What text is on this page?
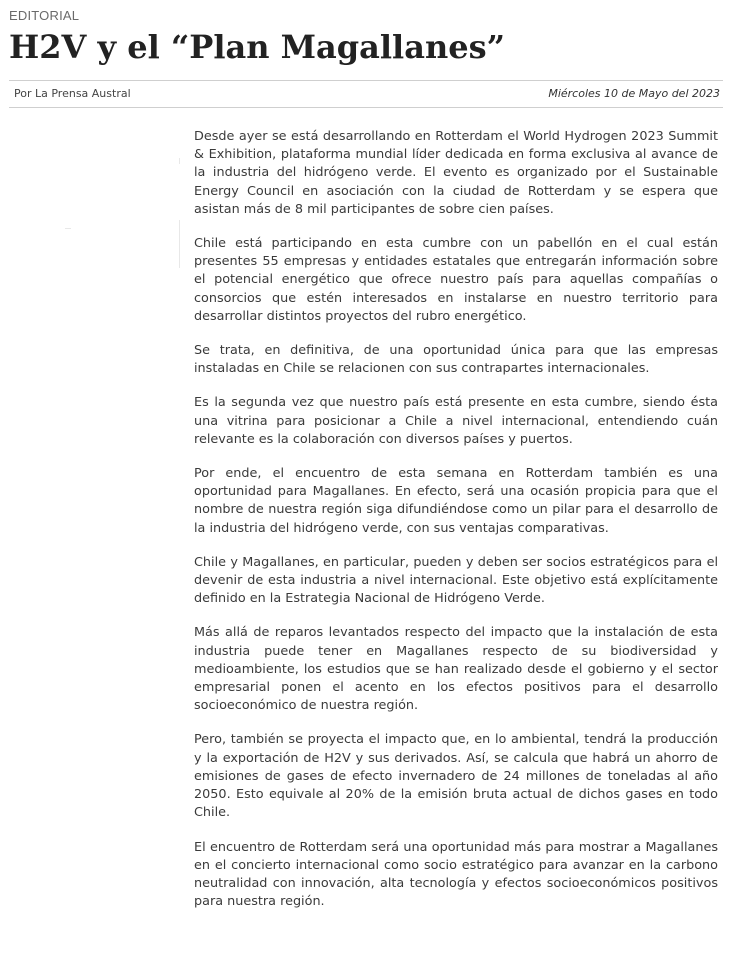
EDITORIAL
H2V y el “Plan Magallanes”
Por La Prensa Austral	Miércoles 10 de Mayo del 2023

Desde ayer se está desarrollando en Rotterdam el World Hydrogen 2023 Summit & Exhibition, plataforma mundial líder dedicada en forma exclusiva al avance de la industria del hidrógeno verde. El evento es organizado por el Sustainable Energy Council en asociación con la ciudad de Rotterdam y se espera que asistan más de 8 mil participantes de sobre cien países.

Chile está participando en esta cumbre con un pabellón en el cual están presentes 55 empresas y entidades estatales que entregarán información sobre el potencial energético que ofrece nuestro país para aquellas compañías o consorcios que estén interesados en instalarse en nuestro territorio para desarrollar distintos proyectos del rubro energético.

Se trata, en definitiva, de una oportunidad única para que las empresas instaladas en Chile se relacionen con sus contrapartes internacionales.

Es la segunda vez que nuestro país está presente en esta cumbre, siendo ésta una vitrina para posicionar a Chile a nivel internacional, entendiendo cuán relevante es la colaboración con diversos países y puertos.

Por ende, el encuentro de esta semana en Rotterdam también es una oportunidad para Magallanes. En efecto, será una ocasión propicia para que el nombre de nuestra región siga difundiéndose como un pilar para el desarrollo de la industria del hidrógeno verde, con sus ventajas comparativas.

Chile y Magallanes, en particular, pueden y deben ser socios estratégicos para el devenir de esta industria a nivel internacional. Este objetivo está explícitamente definido en la Estrategia Nacional de Hidrógeno Verde.

Más allá de reparos levantados respecto del impacto que la instalación de esta industria puede tener en Magallanes respecto de su biodiversidad y medioambiente, los estudios que se han realizado desde el gobierno y el sector empresarial ponen el acento en los efectos positivos para el desarrollo socioeconómico de nuestra región.

Pero, también se proyecta el impacto que, en lo ambiental, tendrá la producción y la exportación de H2V y sus derivados. Así, se calcula que habrá un ahorro de emisiones de gases de efecto invernadero de 24 millones de toneladas al año 2050. Esto equivale al 20% de la emisión bruta actual de dichos gases en todo Chile.

El encuentro de Rotterdam será una oportunidad más para mostrar a Magallanes en el concierto internacional como socio estratégico para avanzar en la carbono neutralidad con innovación, alta tecnología y efectos socioeconómicos positivos para nuestra región.
